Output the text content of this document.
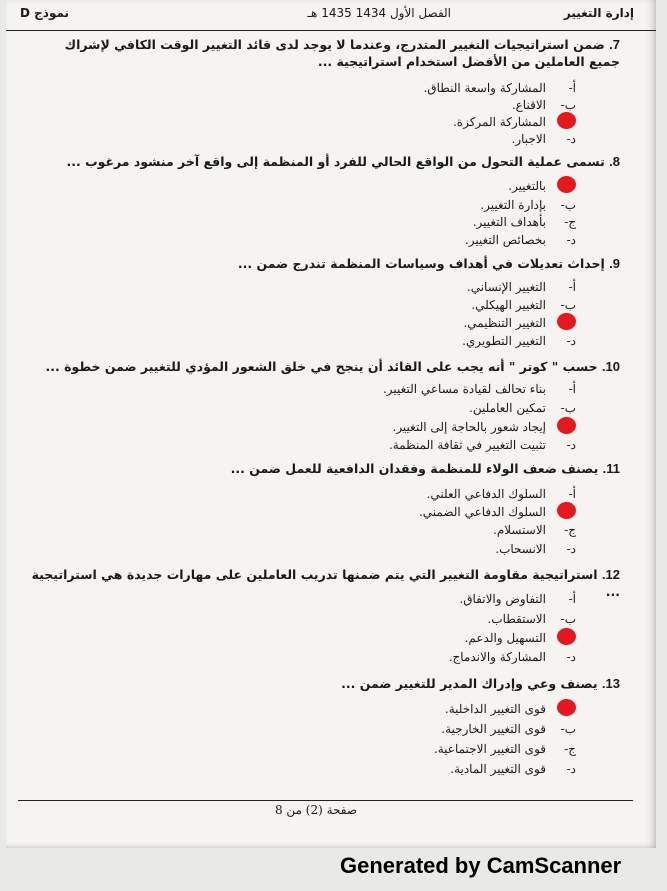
إدارة التغيير
الفصل الأول 1434 1435 هـ
نموذج D
7. ضمن استراتيجيات التغيير المتدرج، وعندما لا يوجد لدى قائد التغيير الوقت الكافي لإشراك جميع العاملين من الأفضل استخدام استراتيجية ...
أ-
المشاركة واسعة النطاق.
ب-
الاقناع.
المشاركة المركزة.
د-
الاجبار.
8. تسمى عملية التحول من الواقع الحالي للفرد أو المنظمة إلى واقع آخر منشود مرغوب ...
بالتغيير.
ب-
بإدارة التغيير.
ج-
بأهداف التغيير.
د-
بخصائص التغيير.
9. إحداث تعديلات في أهداف وسياسات المنظمة تندرج ضمن ...
أ-
التغيير الإنساني.
ب-
التغيير الهيكلي.
التغيير التنظيمي.
د-
التغيير التطويري.
10. حسب " كوتر " أنه يجب على القائد أن ينجح في خلق الشعور المؤدي للتغيير ضمن خطوة ...
أ-
بناء تحالف لقيادة مساعي التغيير.
ب-
تمكين العاملين.
إيجاد شعور بالحاجة إلى التغيير.
د-
تثبيت التغيير في ثقافة المنظمة.
11. يصنف ضعف الولاء للمنظمة وفقدان الدافعية للعمل ضمن ...
أ-
السلوك الدفاعي العلني.
السلوك الدفاعي الضمني.
ج-
الاستسلام.
د-
الانسحاب.
12. استراتيجية مقاومة التغيير التي يتم ضمنها تدريب العاملين على مهارات جديدة هي استراتيجية ...
أ-
التفاوض والاتفاق.
ب-
الاستقطاب.
التسهيل والدعم.
د-
المشاركة والاندماج.
13. يصنف وعي وإدراك المدير للتغيير ضمن ...
قوى التغيير الداخلية.
ب-
قوى التغيير الخارجية.
ج-
قوى التغيير الاجتماعية.
د-
قوى التغيير المادية.
صفحة (2) من 8
Generated by CamScanner
